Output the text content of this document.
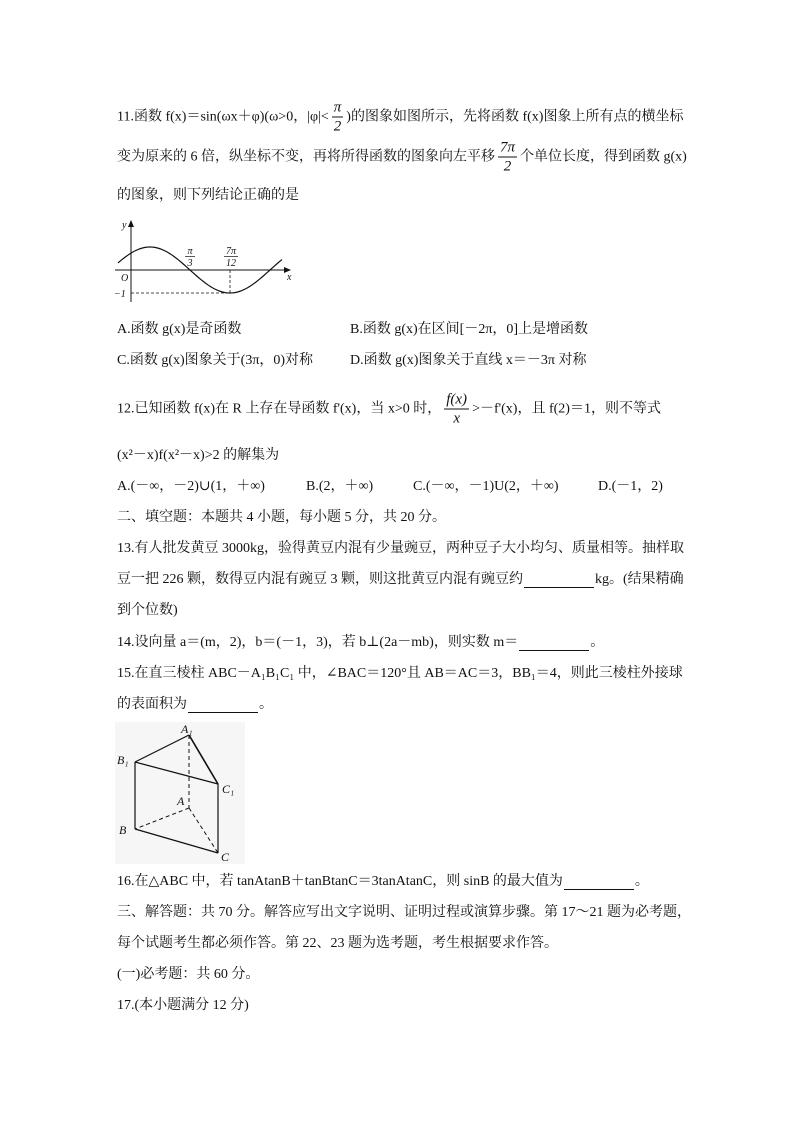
11.函数 f(x)＝sin(ωx＋φ)(ω>0，$|\varphi|< \frac{\pi}{2}$ )的图象如图所示，先将函数 f(x)图象上所有点的横坐标
变为原来的 6 倍，纵坐标不变，再将所得函数的图象向左平移 $\frac{7\pi}{2}$ 个单位长度，得到函数 g(x)
的图象，则下列结论正确的是
y
x
O
−1
π
3
7π
12
A.函数 g(x)是奇函数	B.函数 g(x)在区间[－2π，0]上是增函数
C.函数 g(x)图象关于(3π，0)对称	D.函数 g(x)图象关于直线 x＝－3π 对称
12.已知函数 f(x)在 R 上存在导函数 f'(x)，当 x>0 时， $\frac{f(x)}{x} >-f'(x)$，且 f(2)＝1，则不等式
(x²－x)f(x²－x)>2 的解集为
A.(－∞，－2)∪(1，＋∞)	B.(2，＋∞)	C.(－∞，－1)U(2，＋∞)	D.(－1，2)
二、填空题：本题共 4 小题，每小题 5 分，共 20 分。
13.有人批发黄豆 3000kg，验得黄豆内混有少量豌豆，两种豆子大小均匀、质量相等。抽样取
豆一把 226 颗，数得豆内混有豌豆 3 颗，则这批黄豆内混有豌豆约	kg。(结果精确
到个位数)
14.设向量 a＝(m，2)，b＝(－1，3)，若 b⊥(2a－mb)，则实数 m＝	。
15.在直三棱柱 ABC－A₁B₁C₁ 中，∠BAC＝120°且 AB＝AC＝3，BB₁＝4，则此三棱柱外接球
的表面积为	。
A₁
B₁
C₁
A
B
C
16.在△ABC 中，若 tanAtanB＋tanBtanC＝3tanAtanC，则 sinB 的最大值为	。
三、解答题：共 70 分。解答应写出文字说明、证明过程或演算步骤。第 17～21 题为必考题，
每个试题考生都必须作答。第 22、23 题为选考题，考生根据要求作答。
(一)必考题：共 60 分。
17.(本小题满分 12 分)
